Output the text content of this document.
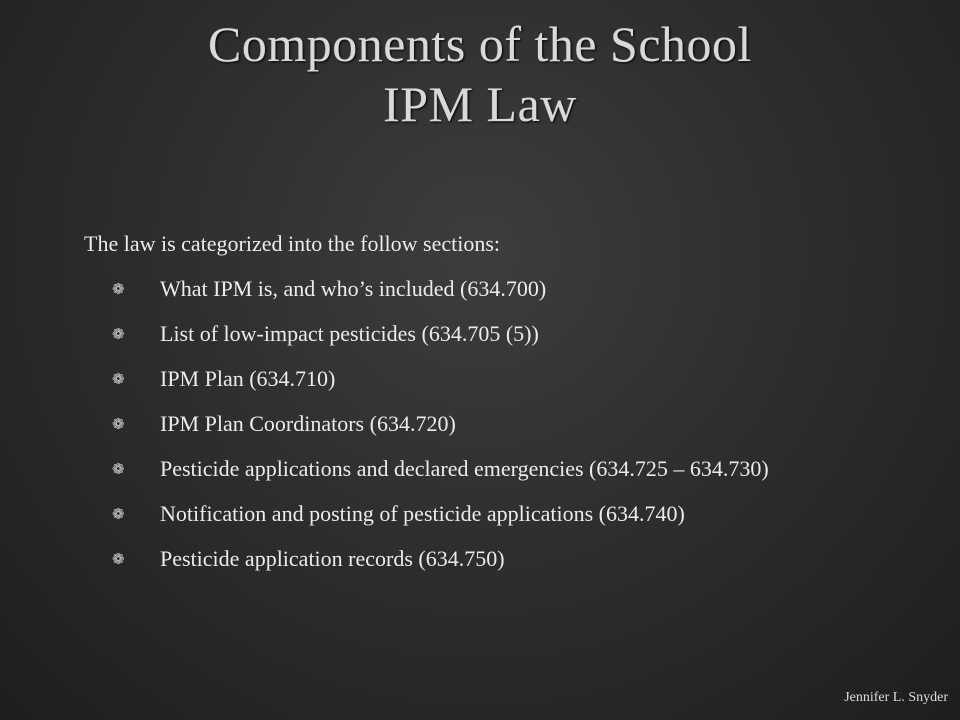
Components of the School
IPM Law

The law is categorized into the follow sections:

❁	What IPM is, and who’s included (634.700)
❁	List of low-impact pesticides (634.705 (5))
❁	IPM Plan (634.710)
❁	IPM Plan Coordinators (634.720)
❁	Pesticide applications and declared emergencies (634.725 – 634.730)
❁	Notification and posting of pesticide applications (634.740)
❁	Pesticide application records (634.750)
Jennifer L. Snyder
